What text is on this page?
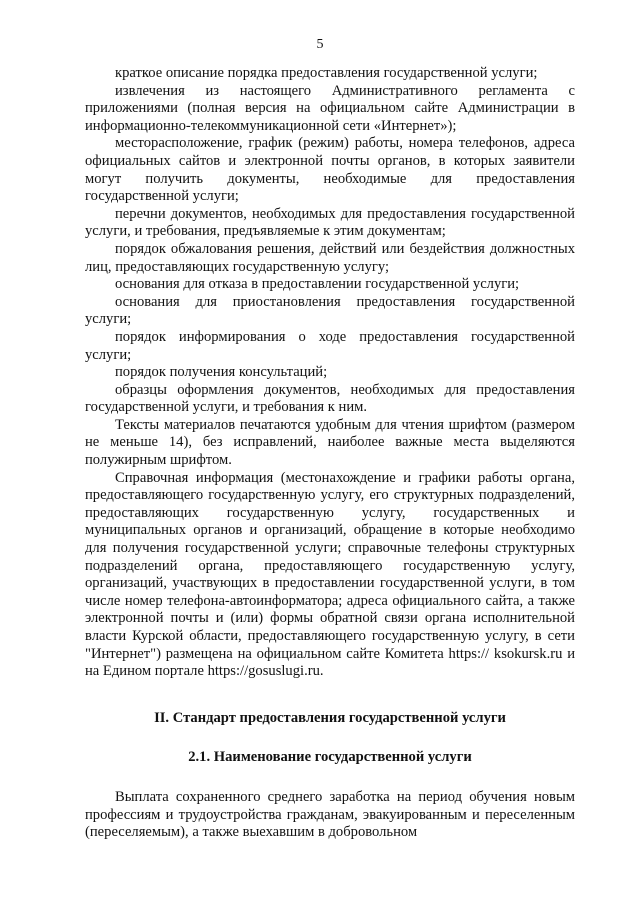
5

краткое описание порядка предоставления государственной услуги;

извлечения из настоящего Административного регламента с приложениями (полная версия на официальном сайте Администрации в информационно-телекоммуникационной сети «Интернет»);

месторасположение, график (режим) работы, номера телефонов, адреса официальных сайтов и электронной почты органов, в которых заявители могут получить документы, необходимые для предоставления государственной услуги;

перечни документов, необходимых для предоставления государственной услуги, и требования, предъявляемые к этим документам;

порядок обжалования решения, действий или бездействия должностных лиц, предоставляющих государственную услугу;

основания для отказа в предоставлении государственной услуги;

основания для приостановления предоставления государственной услуги;

порядок информирования о ходе предоставления государственной услуги;

порядок получения консультаций;

образцы оформления документов, необходимых для предоставления государственной услуги, и требования к ним.

Тексты материалов печатаются удобным для чтения шрифтом (размером не меньше 14), без исправлений, наиболее важные места выделяются полужирным шрифтом.

Справочная информация (местонахождение и графики работы органа, предоставляющего государственную услугу, его структурных подразделений, предоставляющих государственную услугу, государственных и муниципальных органов и организаций, обращение в которые необходимо для получения государственной услуги; справочные телефоны структурных подразделений органа, предоставляющего государственную услугу, организаций, участвующих в предоставлении государственной услуги, в том числе номер телефона-автоинформатора; адреса официального сайта, а также электронной почты и (или) формы обратной связи органа исполнительной власти Курской области, предоставляющего государственную услугу, в сети "Интернет") размещена на официальном сайте Комитета https:// ksokursk.ru и на Едином портале https://gosuslugi.ru.

II. Стандарт предоставления государственной услуги

2.1. Наименование государственной услуги

Выплата сохраненного среднего заработка на период обучения новым профессиям и трудоустройства гражданам, эвакуированным и переселенным (переселяемым), а также выехавшим в добровольном
